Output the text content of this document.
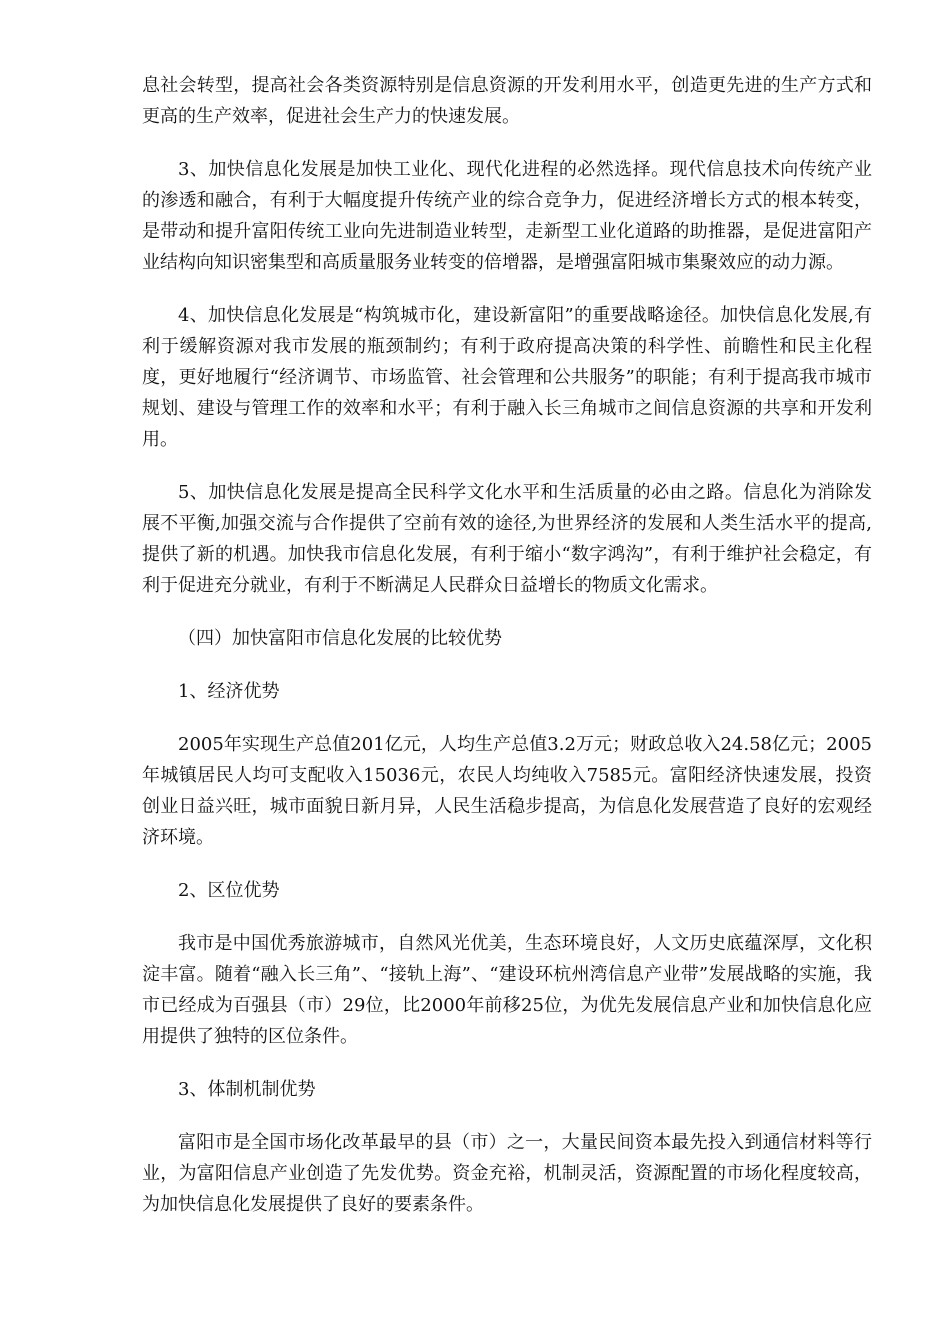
息社会转型，提高社会各类资源特别是信息资源的开发利用水平，创造更先进的生产方式和更高的生产效率，促进社会生产力的快速发展。

3、加快信息化发展是加快工业化、现代化进程的必然选择。现代信息技术向传统产业的渗透和融合，有利于大幅度提升传统产业的综合竞争力，促进经济增长方式的根本转变，是带动和提升富阳传统工业向先进制造业转型，走新型工业化道路的助推器，是促进富阳产业结构向知识密集型和高质量服务业转变的倍增器，是增强富阳城市集聚效应的动力源。

4、加快信息化发展是“构筑城市化，建设新富阳”的重要战略途径。加快信息化发展,有利于缓解资源对我市发展的瓶颈制约；有利于政府提高决策的科学性、前瞻性和民主化程度，更好地履行“经济调节、市场监管、社会管理和公共服务”的职能；有利于提高我市城市规划、建设与管理工作的效率和水平；有利于融入长三角城市之间信息资源的共享和开发利用。

5、加快信息化发展是提高全民科学文化水平和生活质量的必由之路。信息化为消除发展不平衡,加强交流与合作提供了空前有效的途径,为世界经济的发展和人类生活水平的提高,提供了新的机遇。加快我市信息化发展，有利于缩小“数字鸿沟”，有利于维护社会稳定，有利于促进充分就业，有利于不断满足人民群众日益增长的物质文化需求。

（四）加快富阳市信息化发展的比较优势

1、经济优势

2005年实现生产总值201亿元，人均生产总值3.2万元；财政总收入24.58亿元；2005年城镇居民人均可支配收入15036元，农民人均纯收入7585元。富阳经济快速发展，投资创业日益兴旺，城市面貌日新月异，人民生活稳步提高，为信息化发展营造了良好的宏观经济环境。

2、区位优势

我市是中国优秀旅游城市，自然风光优美，生态环境良好，人文历史底蕴深厚，文化积淀丰富。随着“融入长三角”、“接轨上海”、“建设环杭州湾信息产业带”发展战略的实施，我市已经成为百强县（市）29位，比2000年前移25位，为优先发展信息产业和加快信息化应用提供了独特的区位条件。

3、体制机制优势

富阳市是全国市场化改革最早的县（市）之一，大量民间资本最先投入到通信材料等行业，为富阳信息产业创造了先发优势。资金充裕，机制灵活，资源配置的市场化程度较高，为加快信息化发展提供了良好的要素条件。
